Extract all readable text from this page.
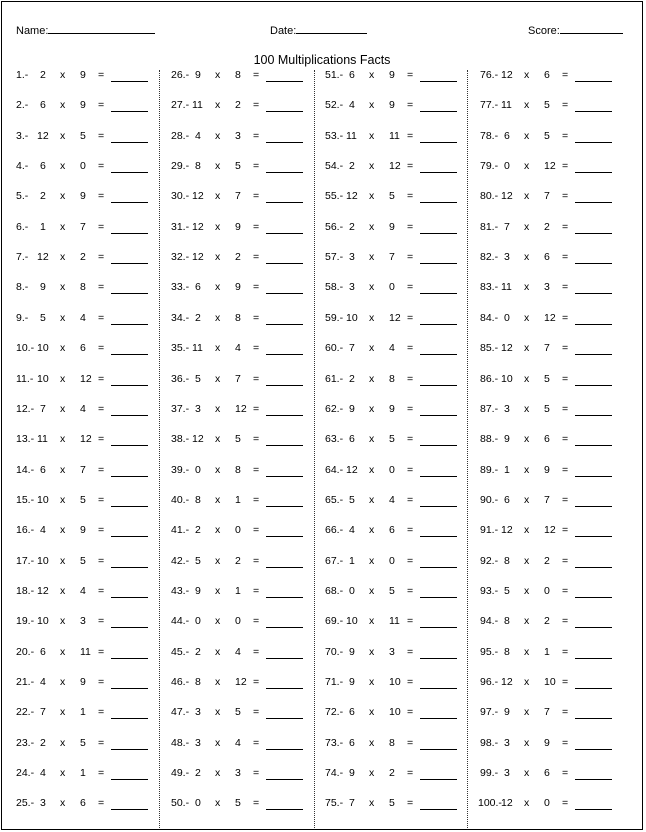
Name:	Date:	Score:
100 Multiplications Facts
1.- 2 x 9 =
2.- 6 x 9 =
3.- 12 x 5 =
4.- 6 x 0 =
5.- 2 x 9 =
6.- 1 x 7 =
7.- 12 x 2 =
8.- 9 x 8 =
9.- 5 x 4 =
10.- 10 x 6 =
11.- 10 x 12 =
12.- 7 x 4 =
13.- 11 x 12 =
14.- 6 x 7 =
15.- 10 x 5 =
16.- 4 x 9 =
17.- 10 x 5 =
18.- 12 x 4 =
19.- 10 x 3 =
20.- 6 x 11 =
21.- 4 x 9 =
22.- 7 x 1 =
23.- 2 x 5 =
24.- 4 x 1 =
25.- 3 x 6 =
26.- 9 x 8 =
27.- 11 x 2 =
28.- 4 x 3 =
29.- 8 x 5 =
30.- 12 x 7 =
31.- 12 x 9 =
32.- 12 x 2 =
33.- 6 x 9 =
34.- 2 x 8 =
35.- 11 x 4 =
36.- 5 x 7 =
37.- 3 x 12 =
38.- 12 x 5 =
39.- 0 x 8 =
40.- 8 x 1 =
41.- 2 x 0 =
42.- 5 x 2 =
43.- 9 x 1 =
44.- 0 x 0 =
45.- 2 x 4 =
46.- 8 x 12 =
47.- 3 x 5 =
48.- 3 x 4 =
49.- 2 x 3 =
50.- 0 x 5 =
51.- 6 x 9 =
52.- 4 x 9 =
53.- 11 x 11 =
54.- 2 x 12 =
55.- 12 x 5 =
56.- 2 x 9 =
57.- 3 x 7 =
58.- 3 x 0 =
59.- 10 x 12 =
60.- 7 x 4 =
61.- 2 x 8 =
62.- 9 x 9 =
63.- 6 x 5 =
64.- 12 x 0 =
65.- 5 x 4 =
66.- 4 x 6 =
67.- 1 x 0 =
68.- 0 x 5 =
69.- 10 x 11 =
70.- 9 x 3 =
71.- 9 x 10 =
72.- 6 x 10 =
73.- 6 x 8 =
74.- 9 x 2 =
75.- 7 x 5 =
76.- 12 x 6 =
77.- 11 x 5 =
78.- 6 x 5 =
79.- 0 x 12 =
80.- 12 x 7 =
81.- 7 x 2 =
82.- 3 x 6 =
83.- 11 x 3 =
84.- 0 x 12 =
85.- 12 x 7 =
86.- 10 x 5 =
87.- 3 x 5 =
88.- 9 x 6 =
89.- 1 x 9 =
90.- 6 x 7 =
91.- 12 x 12 =
92.- 8 x 2 =
93.- 5 x 0 =
94.- 8 x 2 =
95.- 8 x 1 =
96.- 12 x 10 =
97.- 9 x 7 =
98.- 3 x 9 =
99.- 3 x 6 =
100.- 12 x 0 =
